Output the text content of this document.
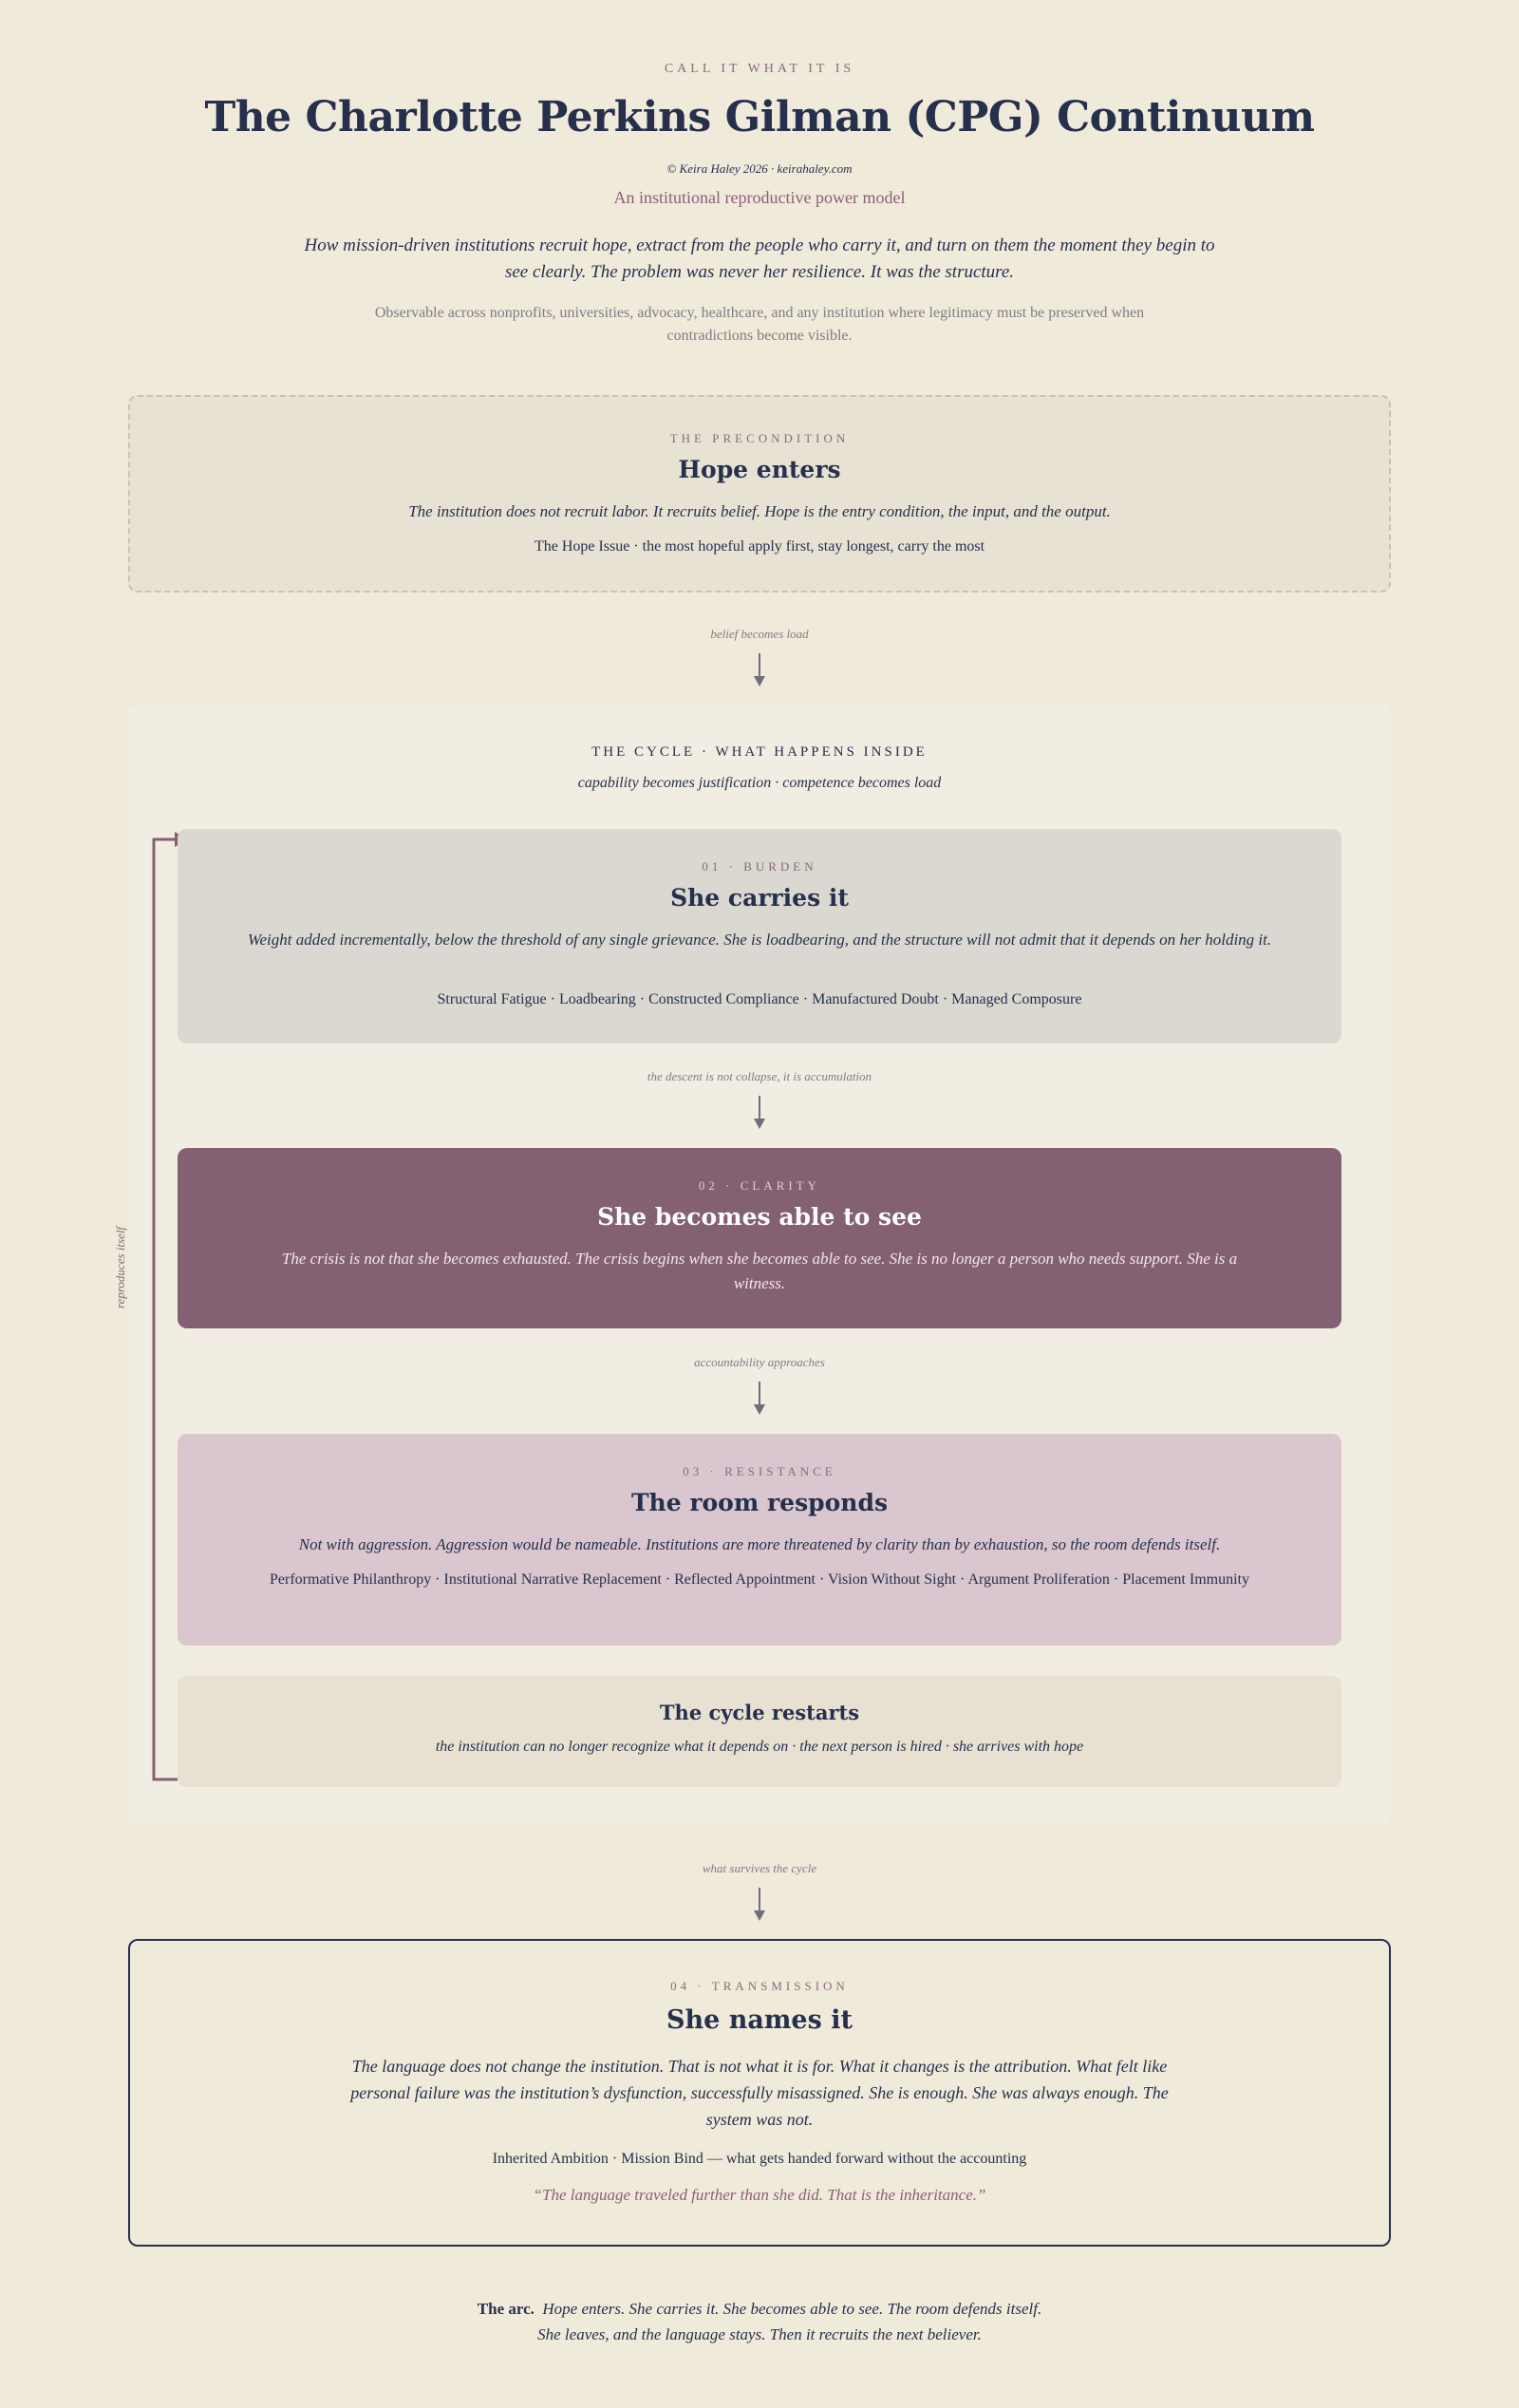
CALL IT WHAT IT IS
The Charlotte Perkins Gilman (CPG) Continuum
© Keira Haley 2026 · keirahaley.com
An institutional reproductive power model

How mission-driven institutions recruit hope, extract from the people who carry it, and turn on them the moment they begin to see clearly. The problem was never her resilience. It was the structure.

Observable across nonprofits, universities, advocacy, healthcare, and any institution where legitimacy must be preserved when contradictions become visible.

THE PRECONDITION
Hope enters
The institution does not recruit labor. It recruits belief. Hope is the entry condition, the input, and the output.
The Hope Issue · the most hopeful apply first, stay longest, carry the most
belief becomes load
THE CYCLE · WHAT HAPPENS INSIDE
capability becomes justification · competence becomes load
reproduces itself
01 · BURDEN
She carries it
Weight added incrementally, below the threshold of any single grievance. She is loadbearing, and the structure will not admit that it depends on her holding it.
Structural Fatigue · Loadbearing · Constructed Compliance · Manufactured Doubt · Managed Composure
the descent is not collapse, it is accumulation
02 · CLARITY
She becomes able to see
The crisis is not that she becomes exhausted. The crisis begins when she becomes able to see. She is no longer a person who needs support. She is a witness.
accountability approaches
03 · RESISTANCE
The room responds
Not with aggression. Aggression would be nameable. Institutions are more threatened by clarity than by exhaustion, so the room defends itself.
Performative Philanthropy · Institutional Narrative Replacement · Reflected Appointment · Vision Without Sight · Argument Proliferation · Placement Immunity
The cycle restarts
the institution can no longer recognize what it depends on · the next person is hired · she arrives with hope
what survives the cycle
04 · TRANSMISSION
She names it
The language does not change the institution. That is not what it is for. What it changes is the attribution. What felt like personal failure was the institution’s dysfunction, successfully misassigned. She is enough. She was always enough. The system was not.
Inherited Ambition · Mission Bind — what gets handed forward without the accounting
“The language traveled further than she did. That is the inheritance.”
The arc. Hope enters. She carries it. She becomes able to see. The room defends itself.
She leaves, and the language stays. Then it recruits the next believer.
